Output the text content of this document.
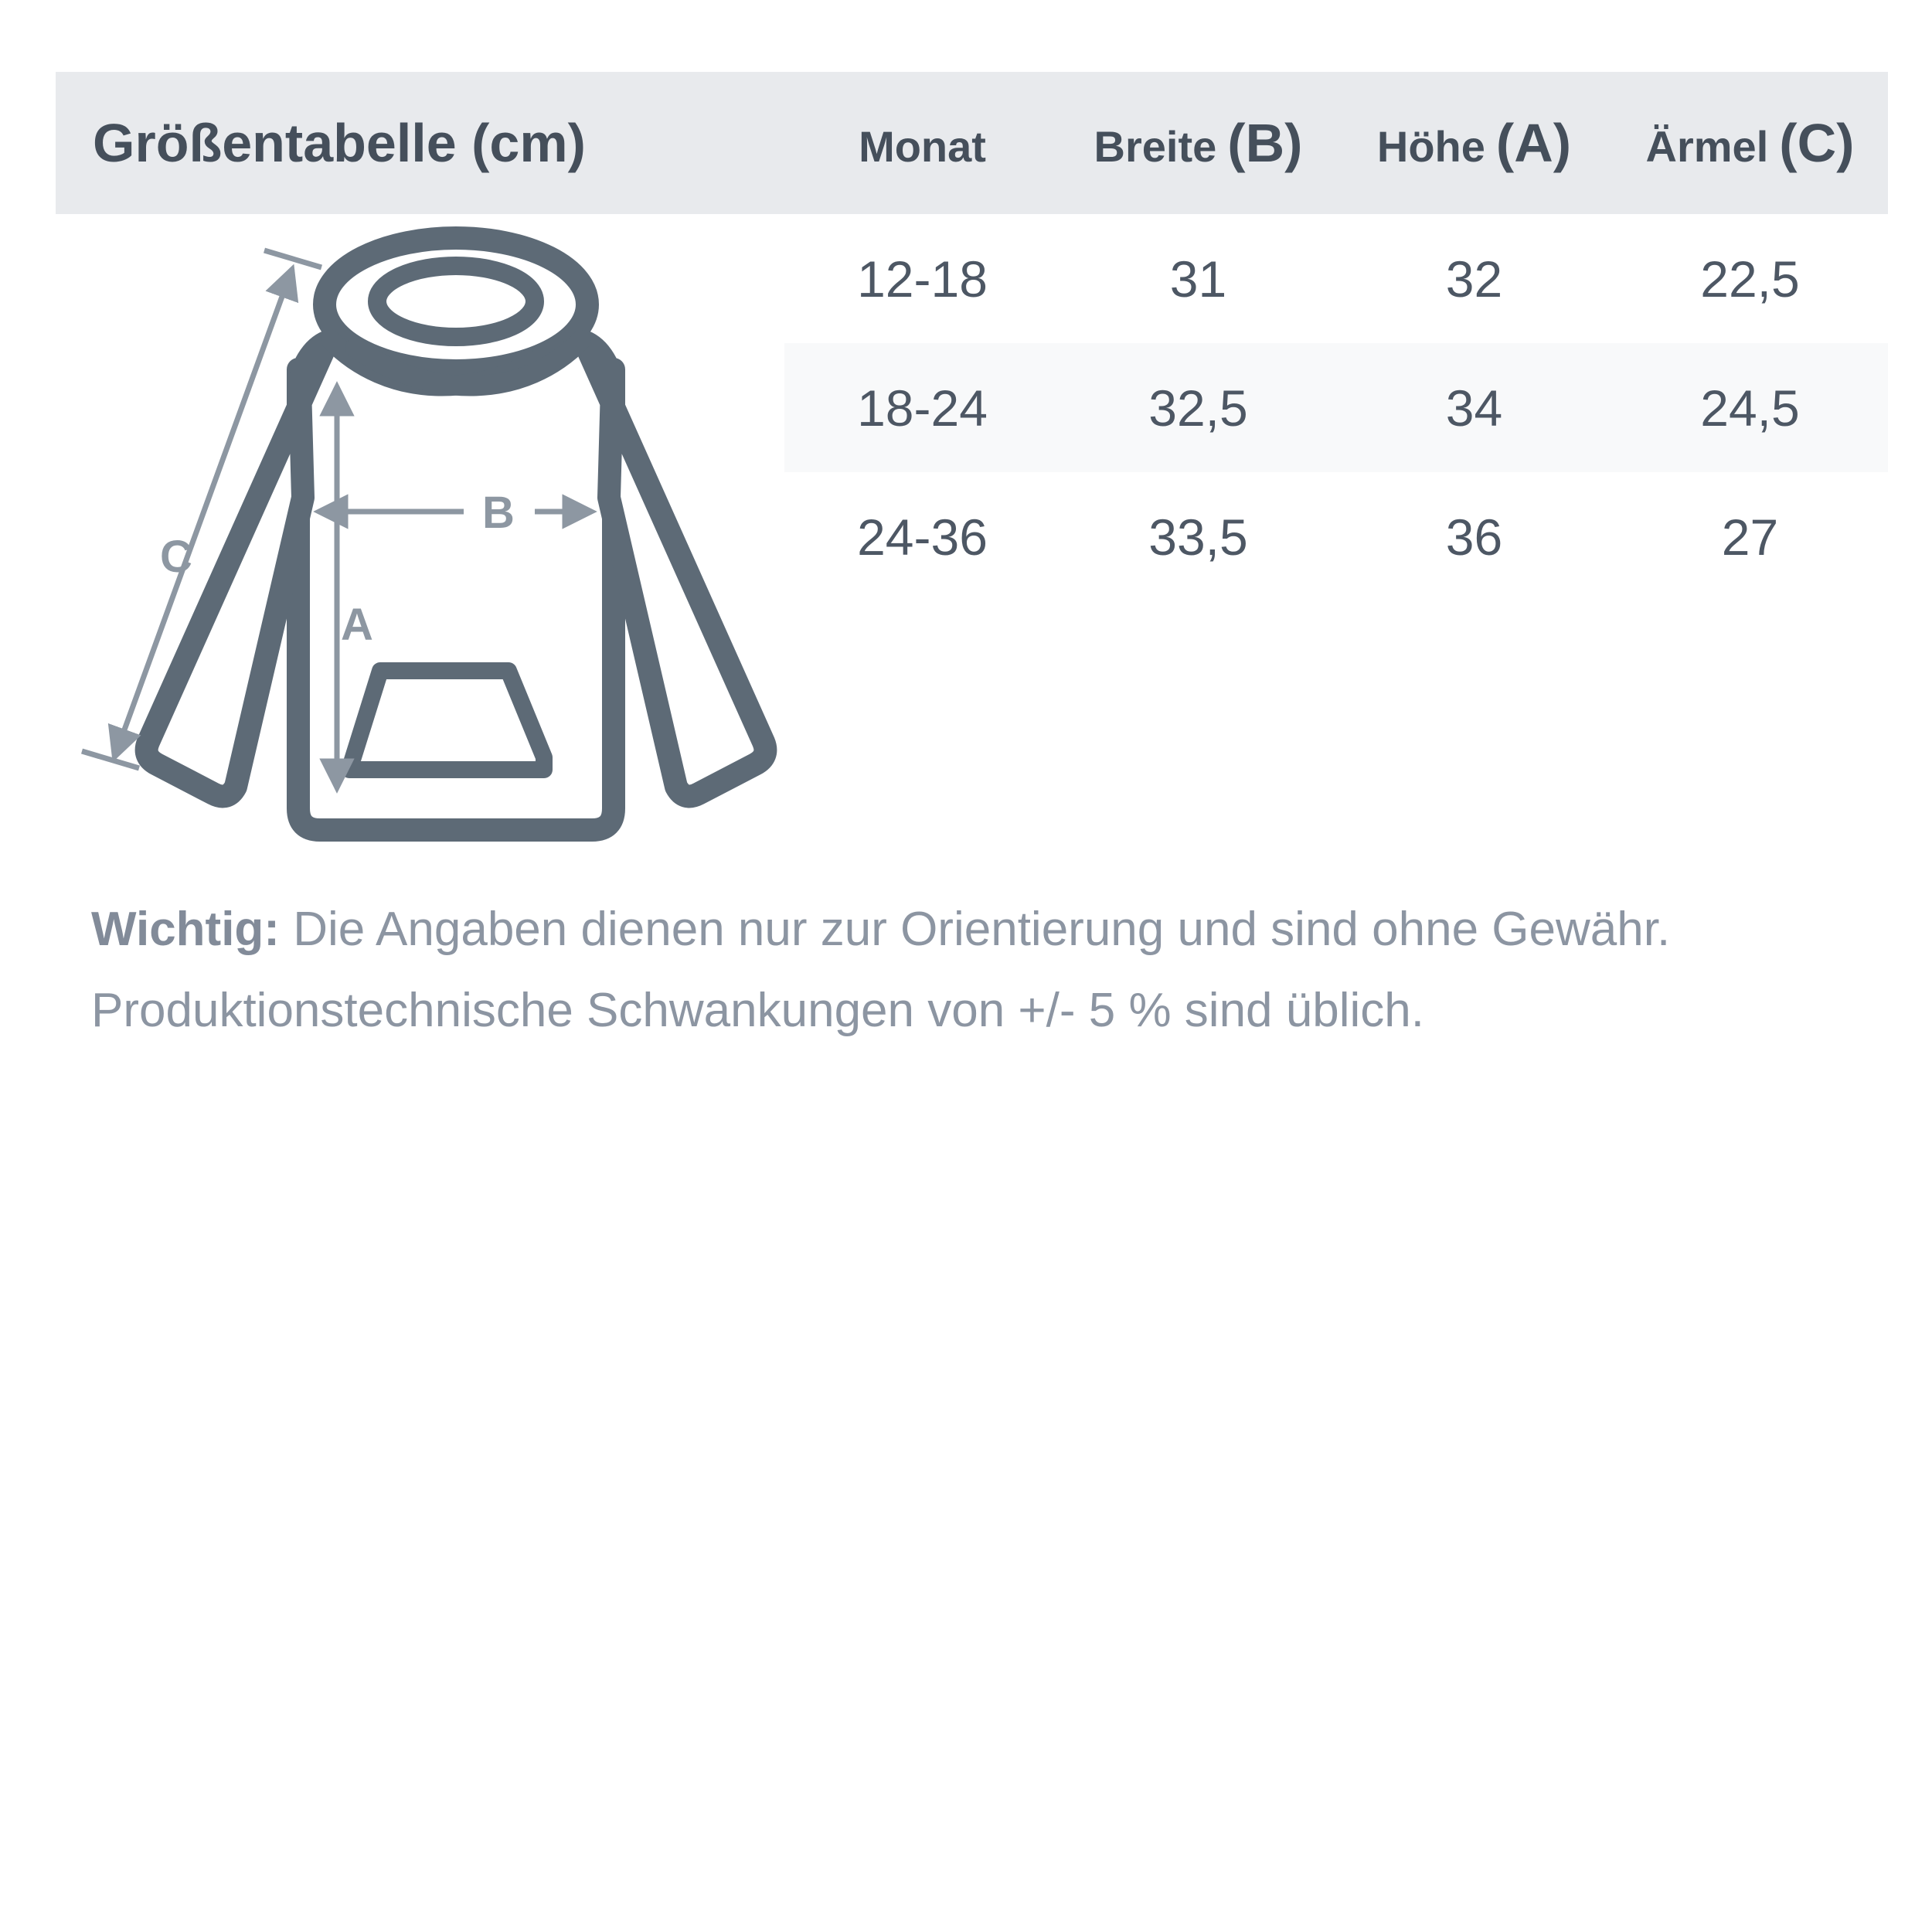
Größentabelle (cm)	Monat	Breite (B)	Höhe (A)	Ärmel (C)
12-18	31	32	22,5
18-24	32,5	34	24,5
24-36	33,5	36	27
A
B
C
Wichtig: Die Angaben dienen nur zur Orientierung und sind ohne Gewähr.
Produktionstechnische Schwankungen von +/- 5 % sind üblich.
